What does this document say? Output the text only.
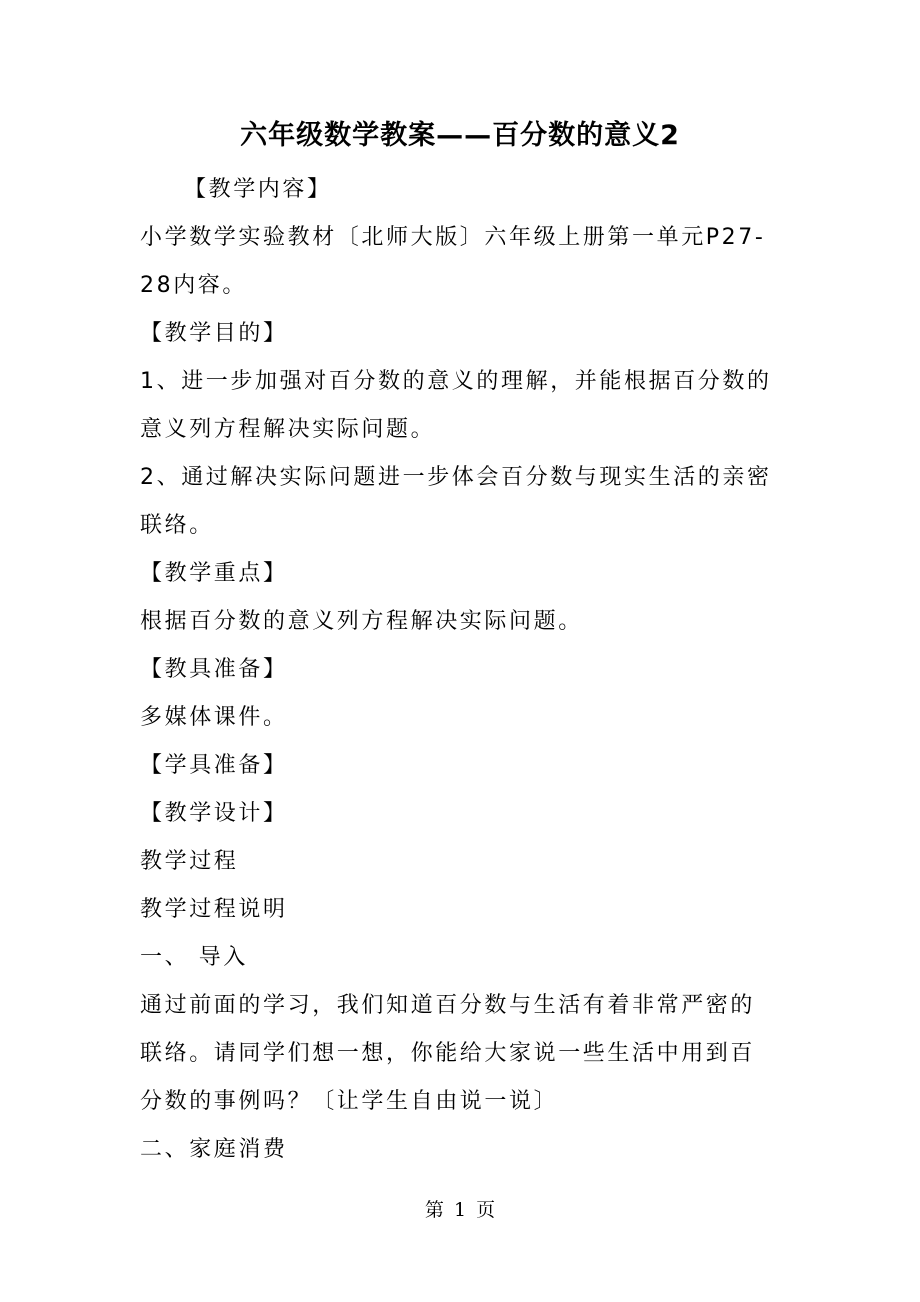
六年级数学教案——百分数的意义2
【教学内容】
小学数学实验教材〔北师大版〕六年级上册第一单元P27-
28内容。
【教学目的】
1、进一步加强对百分数的意义的理解，并能根据百分数的
意义列方程解决实际问题。
2、通过解决实际问题进一步体会百分数与现实生活的亲密
联络。
【教学重点】
根据百分数的意义列方程解决实际问题。
【教具准备】
多媒体课件。
【学具准备】
【教学设计】
教学过程
教学过程说明
一、 导入
通过前面的学习，我们知道百分数与生活有着非常严密的
联络。请同学们想一想，你能给大家说一些生活中用到百
分数的事例吗？〔让学生自由说一说〕
二、家庭消费
第 1 页
